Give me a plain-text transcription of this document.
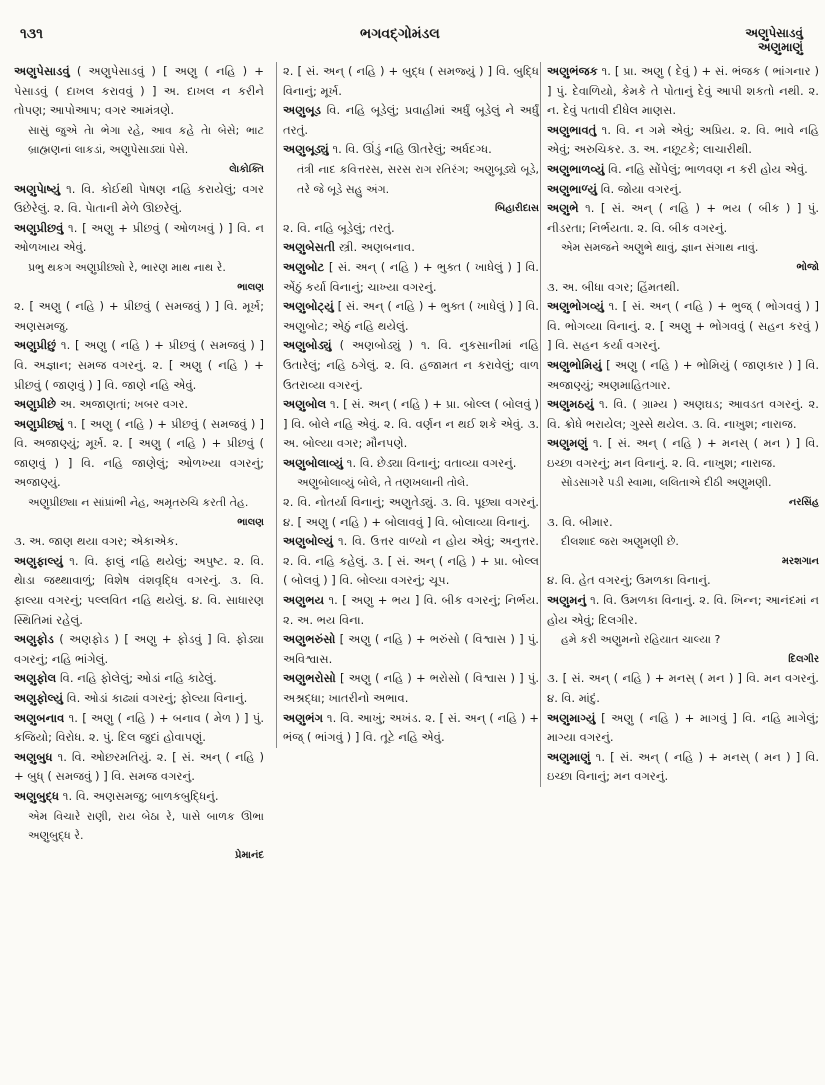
૧૩૧	ભગવદ્ગોમંડલ	અણુપેસાડવું
અણુમાણું

અણુપેસાડવું ( અણુપેસાડવું ) [ અણુ ( નહિ ) + પેસાડવું ( દાખલ કરાવવું ) ] અ. દાખલ ન કરીને તોપણ; આપોઆપ; વગર આમંત્રણે.

સાસું જુએ તેા ભેગા રહે, આવ કહે તેા બેસે; ભાટ બ્રાહ્મણનાં લાકડાં, અણુપેસાડ્યાં પેસે.
લેાકોક્તિ

અણુપેાષ્યું ૧. વિ. કોઈથી પેાષણ નહિ કરાયેલું; વગર ઉછેરેલું. ૨. વિ. પેાતાની મેળે ઊછરેલું.

અણુપ્રીછવું ૧. [ અણુ + પ્રીછવું ( ઓળખવું ) ] વિ. ન ઓળખાય એવું.

પ્રભુ થકગ અણુપ્રીછ્યો રે, ભારણ માથ નાથ રે.
ભાલણ

૨. [ અણુ ( નહિ ) + પ્રીછવું ( સમજવું ) ] વિ. મૂર્ખ; અણસમજુ.

અણુપ્રીછું ૧. [ અણુ ( નહિ ) + પ્રીછવું ( સમજવું ) ] વિ. અજ્ઞાન; સમજ વગરનું. ૨. [ અણુ ( નહિ ) + પ્રીછવું ( જાણવું ) ] વિ. જાણે નહિ એવું.

અણુપ્રીછે અ. અજાણતાં; ખબર વગર.

અણુપ્રીછ્યું ૧. [ અણુ ( નહિ ) + પ્રીછવું ( સમજવું ) ] વિ. અજાણ્યું; મૂર્ખ. ૨. [ અણુ ( નહિ ) + પ્રીછવું ( જાણવું ) ] વિ. નહિ જાણેલું; ઓળખ્યા વગરનું; અજાણ્યું.

અણુપ્રીછ્યા ન સાંપ્રાંભી નેહ, અમૃતરુચિ કરતી તેહ.
ભાલણ

૩. અ. જાણ થયા વગર; એકાએક.

અણુફાલ્યું ૧. વિ. ફાલું નહિ થયેલું; અપુષ્ટ. ૨. વિ. થેાડા જથ્થાવાળું; વિશેષ વંશવૃદ્ધિ વગરનું. ૩. વિ. ફાલ્યા વગરનું; પલ્લવિત નહિ થયેલું. ૪. વિ. સાધારણ સ્થિતિમાં રહેલું.

અણુફોડ ( અણફોડ ) [ અણુ + ફોડવું ] વિ. ફોડ્યા વગરનું; નહિ ભાંગેલું.

અણુફોલ વિ. નહિ ફોલેલું; ઓડાં નહિ કાઢેલું.

અણુફોલ્યું વિ. ઓડાં કાઢ્યાં વગરનું; ફોલ્યા વિનાનું.

અણુબનાવ ૧. [ અણુ ( નહિ ) + બનાવ ( મેળ ) ] પું. કજિયો; વિરોધ. ૨. પું. દિલ જુદાં હોવાપણું.

અણુબુધ ૧. વિ. ઓછરમતિયું. ૨. [ સં. અન્ ( નહિ ) + બુધ્ ( સમજવું ) ] વિ. સમજ વગરનું.

અણુબુદ્ધ ૧. વિ. અણસમજુ; બાળકબુદ્ધિનું.

એમ વિચારે રાણી, રાય બેઠા રે, પાસે બાળક ઊભા અણુબુદ્ધ રે.
પ્રેમાનંદ

૨. [ સં. અન્ ( નહિ ) + બુદ્ધ ( સમજ્યું ) ] વિ. બુદ્ધિ વિનાનું; મૂર્ખ.

અણુબૂડ વિ. નહિ બૂડેલું; પ્રવાહીમાં અર્ધું બૂડેલું ને અર્ધું તરતું.

અણુબૂડ્યું ૧. વિ. ઊંડું નહિ ઊતરેલું; અર્ધદગ્ધ.

તંત્રી નાદ કવિત્તરસ, સરસ રાગ રતિરંગ; અણુબૂડ્યે બૂડે, તરે જે બૂડે સહુ અંગ.
બિહારીદાસ

૨. વિ. નહિ બૂડેલું; તરતું.

અણુબેસતી સ્ત્રી. અણબનાવ.

અણુબોટ [ સં. અન્ ( નહિ ) + ભુક્ત ( ખાધેલું ) ] વિ. એંઠું કર્યા વિનાનું; ચાખ્યા વગરનું.

અણુબોટ્યું [ સં. અન્ ( નહિ ) + ભુક્ત ( ખાધેલું ) ] વિ. અણુબોટ; એઠું નહિ થયેલું.

અણુબોડ્યું ( અણબોડ્યું ) ૧. વિ. નુકસાનીમાં નહિ ઉતારેલું; નહિ ઠગેલું. ૨. વિ. હજામત ન કરાવેલું; વાળ ઉતરાવ્યા વગરનું.

અણુબોલ ૧. [ સં. અન્ ( નહિ ) + પ્રા. બોલ્લ ( બોલવું ) ] વિ. બોલે નહિ એવું. ૨. વિ. વર્ણન ન થઈ શકે એવું. ૩. અ. બોલ્યા વગર; મૌનપણે.

અણુબોલાવ્યું ૧. વિ. છેડ્યા વિનાનું; વતાવ્યા વગરનું.

અણુબોલાવ્યું બોલે, તે તણખલાની તોલે.

૨. વિ. નોતર્યા વિનાનું; અણુતેડ્યું. ૩. વિ. પૂછ્યા વગરનું. ૪. [ અણુ ( નહિ ) + બોલાવવું ] વિ. બોલાવ્યા વિનાનું.

અણુબોલ્યું ૧. વિ. ઉત્તર વાળ્યો ન હોય એવું; અનુત્તર. ૨. વિ. નહિ કહેલું. ૩. [ સં. અન્ ( નહિ ) + પ્રા. બોલ્લ ( બોલવું ) ] વિ. બોલ્યા વગરનું; ચૂપ.

અણુભય ૧. [ અણુ + ભય ] વિ. બીક વગરનું; નિર્ભય. ૨. અ. ભય વિના.

અણુભરુંસો [ અણુ ( નહિ ) + ભરુંસો ( વિશ્વાસ ) ] પું. અવિશ્વાસ.

અણુભરોસો [ અણુ ( નહિ ) + ભરોસો ( વિશ્વાસ ) ] પું. અશ્રદ્ધા; ખાતરીનો અભાવ.

અણુભંગ ૧. વિ. આખું; અખંડ. ૨. [ સં. અન્ ( નહિ ) + ભંજ્ ( ભાંગવું ) ] વિ. તૂટે નહિ એવું.

અણુભંજક ૧. [ પ્રા. અણુ ( દેવું ) + સં. ભંજક ( ભાંગનાર ) ] પું. દેવાળિયો, કેમકે તે પોતાનું દેવું આપી શકતો નથી. ૨. ન. દેવું પતાવી દીધેલ માણસ.

અણુભાવતું ૧. વિ. ન ગમે એવું; અપ્રિય. ૨. વિ. ભાવે નહિ એવું; અરુચિકર. ૩. અ. નછૂટકે; લાચારીથી.

અણુભાળવ્યું વિ. નહિ સોંપેલું; ભાળવણ ન કરી હોય એવું.

અણુભાળ્યું વિ. જોયા વગરનું.

અણુભે ૧. [ સં. અન્ ( નહિ ) + ભય ( બીક ) ] પું. નીડરતા; નિર્ભયતા. ૨. વિ. બીક વગરનું.

એમ સમજને અણુભે થાવું, જ્ઞાન સંગાથ નાવું.
ભોજો

૩. અ. બીધા વગર; હિંમતથી.

અણુભોગવ્યું ૧. [ સં. અન્ ( નહિ ) + ભુજ્ ( ભોગવવું ) ] વિ. ભોગવ્યા વિનાનું. ૨. [ અણુ + ભોગવવું ( સહન કરવું ) ] વિ. સહન કર્યા વગરનું.

અણુભોમિયું [ અણુ ( નહિ ) + ભોમિયું ( જાણકાર ) ] વિ. અજાણ્યું; અણમાહિતગાર.

અણુમઠયું ૧. વિ. ( ગ્રામ્ય ) અણઘડ; આવડત વગરનું. ૨. વિ. ક્રોધે ભરાયેલ; ગુસ્સે થયેલ. ૩. વિ. નાખુશ; નારાજ.

અણુમણું ૧. [ સં. અન્ ( નહિ ) + મનસ્ ( મન ) ] વિ. ઇચ્છા વગરનું; મન વિનાનું. ૨. વિ. નાખુશ; નારાજ.

સોડસાગરે પડી સ્વામા, લલિતાએ દીઠી અણુમણી.
નરસિંહ

૩. વિ. બીમાર.

દીલશાદ જરા અણુમણી છે.
મરશગાન

૪. વિ. હેત વગરનું; ઉમળકા વિનાનું.

અણુમનું ૧. વિ. ઉમળકા વિનાનું. ૨. વિ. ખિન્ન; આનંદમાં ન હોય એવું; દિલગીર.

હમે કરી અણુમનો રહિયાત ચાલ્યા ?
દિલગીર

૩. [ સં. અન્ ( નહિ ) + મનસ્ ( મન ) ] વિ. મન વગરનું. ૪. વિ. માંદું.

અણુમાગ્યું [ અણુ ( નહિ ) + માગવું ] વિ. નહિ માગેલું; માગ્યા વગરનું.

અણુમાણું ૧. [ સં. અન્ ( નહિ ) + મનસ્ ( મન ) ] વિ. ઇચ્છા વિનાનું; મન વગરનું.
